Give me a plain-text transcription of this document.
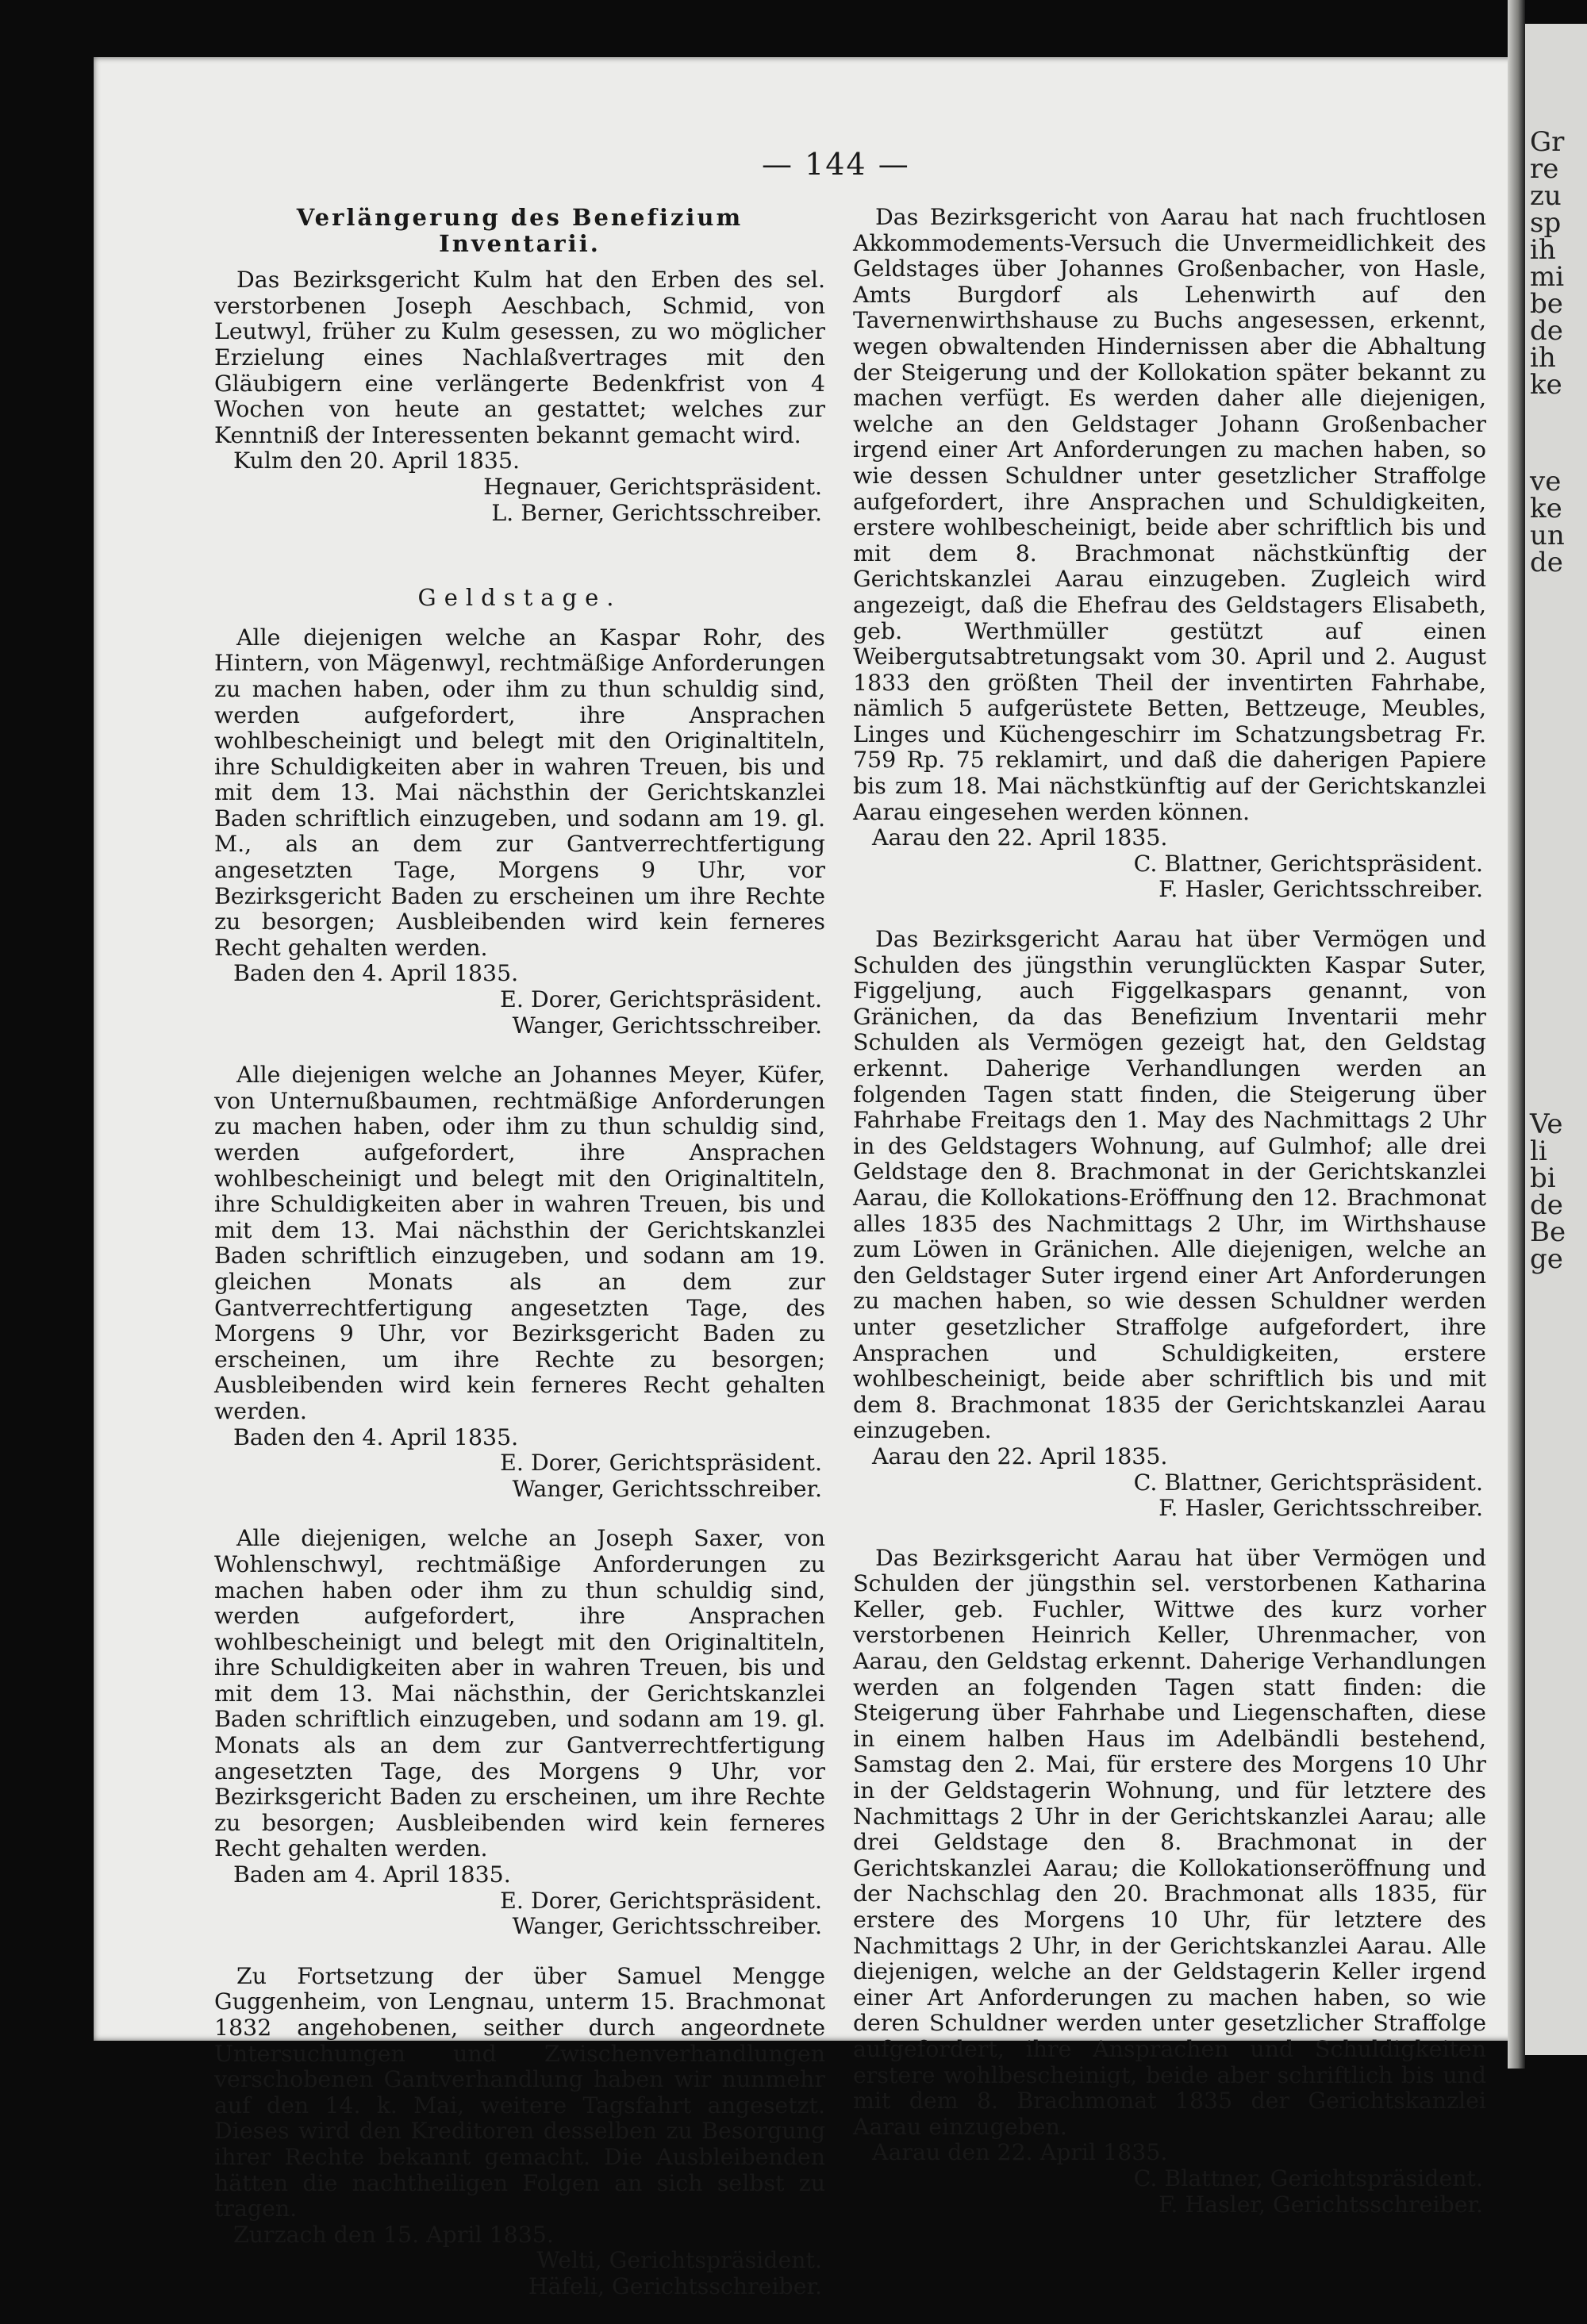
Gr
re
zu
sp
ih
mi
be
de
ih
ke
ve
ke
un
de
Ve
li
bi
de
Be
ge
— 144 —
Verlängerung des Benefizium Inventarii.

Das Bezirksgericht Kulm hat den Erben des sel. verstorbenen Joseph Aeschbach, Schmid, von Leutwyl, früher zu Kulm gesessen, zu wo möglicher Erzielung eines Nachlaßvertrages mit den Gläubigern eine verlängerte Bedenkfrist von 4 Wochen von heute an gestattet; welches zur Kenntniß der Interessenten bekannt gemacht wird.

Kulm den 20. April 1835.

Hegnauer, Gerichtspräsident.

L. Berner, Gerichtsschreiber.

Geldstage.

Alle diejenigen welche an Kaspar Rohr, des Hintern, von Mägenwyl, rechtmäßige Anforderungen zu machen haben, oder ihm zu thun schuldig sind, werden aufgefordert, ihre Ansprachen wohlbescheinigt und belegt mit den Originaltiteln, ihre Schuldigkeiten aber in wahren Treuen, bis und mit dem 13. Mai nächsthin der Gerichtskanzlei Baden schriftlich einzugeben, und sodann am 19. gl. M., als an dem zur Gantverrechtfertigung angesetzten Tage, Morgens 9 Uhr, vor Bezirksgericht Baden zu erscheinen um ihre Rechte zu besorgen; Ausbleibenden wird kein ferneres Recht gehalten werden.

Baden den 4. April 1835.

E. Dorer, Gerichtspräsident.

Wanger, Gerichtsschreiber.

Alle diejenigen welche an Johannes Meyer, Küfer, von Unternußbaumen, rechtmäßige Anforderungen zu machen haben, oder ihm zu thun schuldig sind, werden aufgefordert, ihre Ansprachen wohlbescheinigt und belegt mit den Originaltiteln, ihre Schuldigkeiten aber in wahren Treuen, bis und mit dem 13. Mai nächsthin der Gerichtskanzlei Baden schriftlich einzugeben, und sodann am 19. gleichen Monats als an dem zur Gantverrechtfertigung angesetzten Tage, des Morgens 9 Uhr, vor Bezirksgericht Baden zu erscheinen, um ihre Rechte zu besorgen; Ausbleibenden wird kein ferneres Recht gehalten werden.

Baden den 4. April 1835.

E. Dorer, Gerichtspräsident.

Wanger, Gerichtsschreiber.

Alle diejenigen, welche an Joseph Saxer, von Wohlenschwyl, rechtmäßige Anforderungen zu machen haben oder ihm zu thun schuldig sind, werden aufgefordert, ihre Ansprachen wohlbescheinigt und belegt mit den Originaltiteln, ihre Schuldigkeiten aber in wahren Treuen, bis und mit dem 13. Mai nächsthin, der Gerichtskanzlei Baden schriftlich einzugeben, und sodann am 19. gl. Monats als an dem zur Gantverrechtfertigung angesetzten Tage, des Morgens 9 Uhr, vor Bezirksgericht Baden zu erscheinen, um ihre Rechte zu besorgen; Ausbleibenden wird kein ferneres Recht gehalten werden.

Baden am 4. April 1835.

E. Dorer, Gerichtspräsident.

Wanger, Gerichtsschreiber.

Zu Fortsetzung der über Samuel Mengge Guggenheim, von Lengnau, unterm 15. Brachmonat 1832 angehobenen, seither durch angeordnete Untersuchungen und Zwischenverhandlungen verschobenen Gantverhandlung haben wir nunmehr auf den 14. k. Mai, weitere Tagsfahrt angesetzt. Dieses wird den Kreditoren desselben zu Besorgung ihrer Rechte bekannt gemacht. Die Ausbleibenden hätten die nachtheiligen Folgen an sich selbst zu tragen.

Zurzach den 15. April 1835.

Welti, Gerichtspräsident.

Häfeli, Gerichtsschreiber.

Das Bezirksgericht von Aarau hat nach fruchtlosen Akkommodements-Versuch die Unvermeidlichkeit des Geldstages über Johannes Großenbacher, von Hasle, Amts Burgdorf als Lehenwirth auf den Tavernenwirthshause zu Buchs angesessen, erkennt, wegen obwaltenden Hindernissen aber die Abhaltung der Steigerung und der Kollokation später bekannt zu machen verfügt. Es werden daher alle diejenigen, welche an den Geldstager Johann Großenbacher irgend einer Art Anforderungen zu machen haben, so wie dessen Schuldner unter gesetzlicher Straffolge aufgefordert, ihre Ansprachen und Schuldigkeiten, erstere wohlbescheinigt, beide aber schriftlich bis und mit dem 8. Brachmonat nächstkünftig der Gerichtskanzlei Aarau einzugeben. Zugleich wird angezeigt, daß die Ehefrau des Geldstagers Elisabeth, geb. Werthmüller gestützt auf einen Weibergutsabtretungsakt vom 30. April und 2. August 1833 den größten Theil der inventirten Fahrhabe, nämlich 5 aufgerüstete Betten, Bettzeuge, Meubles, Linges und Küchengeschirr im Schatzungsbetrag Fr. 759 Rp. 75 reklamirt, und daß die daherigen Papiere bis zum 18. Mai nächstkünftig auf der Gerichtskanzlei Aarau eingesehen werden können.

Aarau den 22. April 1835.

C. Blattner, Gerichtspräsident.

F. Hasler, Gerichtsschreiber.

Das Bezirksgericht Aarau hat über Vermögen und Schulden des jüngsthin verunglückten Kaspar Suter, Figgeljung, auch Figgelkaspars genannt, von Gränichen, da das Benefizium Inventarii mehr Schulden als Vermögen gezeigt hat, den Geldstag erkennt. Daherige Verhandlungen werden an folgenden Tagen statt finden, die Steigerung über Fahrhabe Freitags den 1. May des Nachmittags 2 Uhr in des Geldstagers Wohnung, auf Gulmhof; alle drei Geldstage den 8. Brachmonat in der Gerichtskanzlei Aarau, die Kollokations-Eröffnung den 12. Brachmonat alles 1835 des Nachmittags 2 Uhr, im Wirthshause zum Löwen in Gränichen. Alle diejenigen, welche an den Geldstager Suter irgend einer Art Anforderungen zu machen haben, so wie dessen Schuldner werden unter gesetzlicher Straffolge aufgefordert, ihre Ansprachen und Schuldigkeiten, erstere wohlbescheinigt, beide aber schriftlich bis und mit dem 8. Brachmonat 1835 der Gerichtskanzlei Aarau einzugeben.

Aarau den 22. April 1835.

C. Blattner, Gerichtspräsident.

F. Hasler, Gerichtsschreiber.

Das Bezirksgericht Aarau hat über Vermögen und Schulden der jüngsthin sel. verstorbenen Katharina Keller, geb. Fuchler, Wittwe des kurz vorher verstorbenen Heinrich Keller, Uhrenmacher, von Aarau, den Geldstag erkennt. Daherige Verhandlungen werden an folgenden Tagen statt finden: die Steigerung über Fahrhabe und Liegenschaften, diese in einem halben Haus im Adelbändli bestehend, Samstag den 2. Mai, für erstere des Morgens 10 Uhr in der Geldstagerin Wohnung, und für letztere des Nachmittags 2 Uhr in der Gerichtskanzlei Aarau; alle drei Geldstage den 8. Brachmonat in der Gerichtskanzlei Aarau; die Kollokationseröffnung und der Nachschlag den 20. Brachmonat alls 1835, für erstere des Morgens 10 Uhr, für letztere des Nachmittags 2 Uhr, in der Gerichtskanzlei Aarau. Alle diejenigen, welche an der Geldstagerin Keller irgend einer Art Anforderungen zu machen haben, so wie deren Schuldner werden unter gesetzlicher Straffolge aufgefordert, ihre Ansprachen und Schuldigkeiten erstere wohlbescheinigt, beide aber schriftlich bis und mit dem 8. Brachmonat 1835 der Gerichtskanzlei Aarau einzugeben.

Aarau den 22. April 1835.

C. Blattner, Gerichtspräsident.

F. Hasler, Gerichtsschreiber.
